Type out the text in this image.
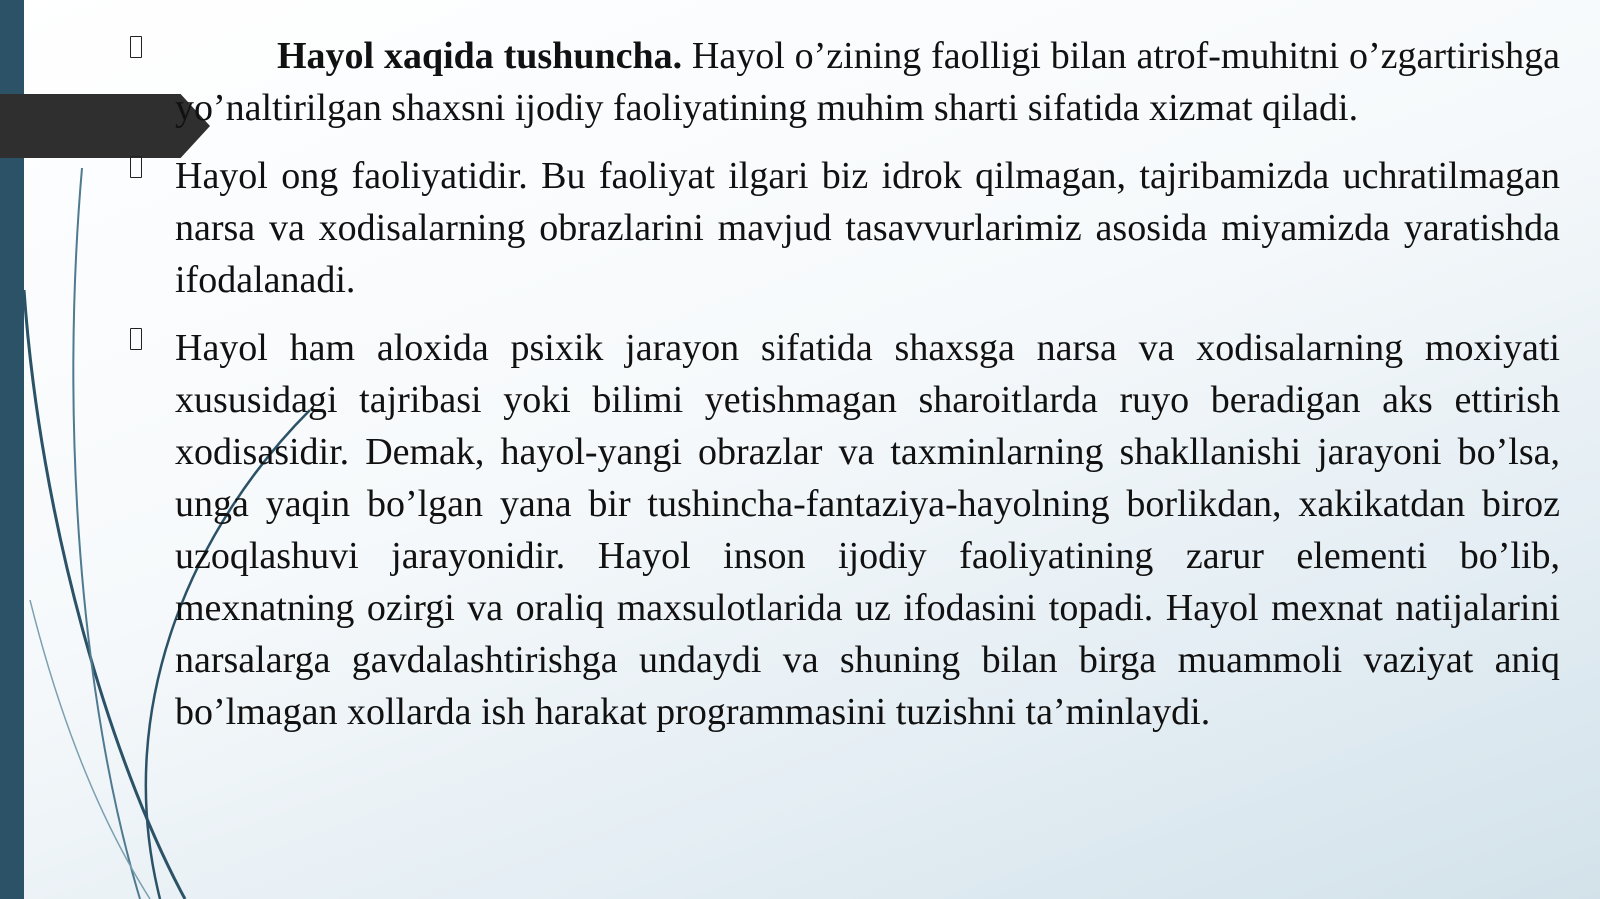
Hayol xaqida tushuncha. Hayol o’zining faolligi bilan atrof-muhitni o’zgartirishga yo’naltirilgan shaxsni ijodiy faoliyatining muhim sharti sifatida xizmat qiladi.
Hayol ong faoliyatidir. Bu faoliyat ilgari biz idrok qilmagan, tajribamizda uchratilmagan narsa va xodisalarning obrazlarini mavjud tasavvurlarimiz asosida miyamizda yaratishda ifodalanadi.
Hayol ham aloxida psixik jarayon sifatida shaxsga narsa va xodisalarning moxiyati xususidagi tajribasi yoki bilimi yetishmagan sharoitlarda ruyo beradigan aks ettirish xodisasidir. Demak, hayol-yangi obrazlar va taxminlarning shakllanishi jarayoni bo’lsa, unga yaqin bo’lgan yana bir tushincha-fantaziya-hayolning borlikdan, xakikatdan biroz uzoqlashuvi jarayonidir. Hayol inson ijodiy faoliyatining zarur elementi bo’lib, mexnatning ozirgi va oraliq maxsulotlarida uz ifodasini topadi. Hayol mexnat natijalarini narsalarga gavdalashtirishga undaydi va shuning bilan birga muammoli vaziyat aniq bo’lmagan xollarda ish harakat programmasini tuzishni ta’minlaydi.
